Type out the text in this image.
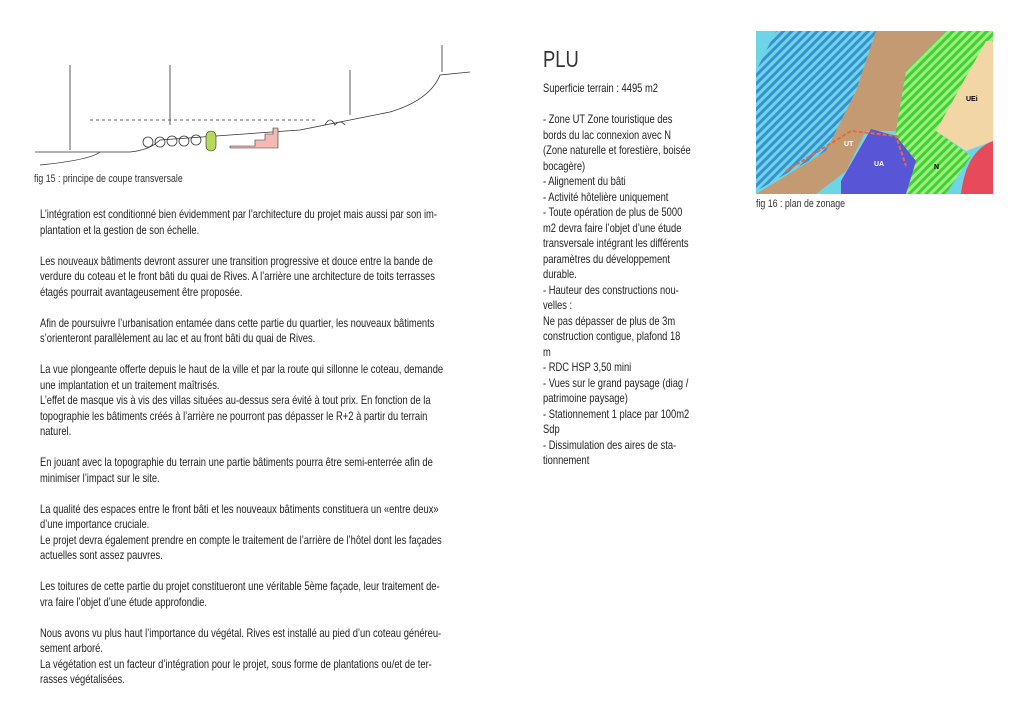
fig 15 : principe de coupe transversale
L’intégration est conditionné bien évidemment par l’architecture du projet mais aussi par son im-
plantation et la gestion de son échelle.

Les nouveaux bâtiments devront assurer une transition progressive et douce entre la bande de
verdure du coteau et le front bâti du quai de Rives. A l’arrière une architecture de toits terrasses
étagés pourrait avantageusement être proposée.

Afin de poursuivre l’urbanisation entamée dans cette partie du quartier, les nouveaux bâtiments
s’orienteront parallèlement au lac et au front bâti du quai de Rives.

La vue plongeante offerte depuis le haut de la ville et par la route qui sillonne le coteau, demande
une implantation et un traitement maîtrisés.
L’effet de masque vis à vis des villas situées au-dessus sera évité à tout prix. En fonction de la
topographie les bâtiments créés à l’arrière ne pourront pas dépasser le R+2 à partir du terrain
naturel.

En jouant avec la topographie du terrain une partie bâtiments pourra être semi-enterrée afin de
minimiser l’impact sur le site.

La qualité des espaces entre le front bâti et les nouveaux bâtiments constituera un «entre deux»
d’une importance cruciale.
Le projet devra également prendre en compte le traitement de l’arrière de l’hôtel dont les façades
actuelles sont assez pauvres.

Les toitures de cette partie du projet constitueront une véritable 5ème façade, leur traitement de-
vra faire l’objet d’une étude approfondie.

Nous avons vu plus haut l’importance du végétal. Rives est installé au pied d’un coteau généreu-
sement arboré.
La végétation est un facteur d’intégration pour le projet, sous forme de plantations ou/et de ter-
rasses végétalisées.
PLU
Superficie terrain : 4495 m2

- Zone UT Zone touristique des
bords du lac connexion avec N
(Zone naturelle et forestière, boisée
bocagère)
- Alignement du bâti
- Activité hôtelière uniquement
- Toute opération de plus de 5000
m2 devra faire l’objet d’une étude
transversale intégrant les différents
paramètres du développement
durable.
- Hauteur des constructions nou-
velles :
Ne pas dépasser de plus de 3m
construction contigue, plafond 18
m
- RDC HSP 3,50 mini
- Vues sur le grand paysage (diag /
patrimoine paysage)
- Stationnement 1 place par 100m2
Sdp
- Dissimulation des aires de sta-
tionnement
UT
UA	N
UEi
fig 16 : plan de zonage
